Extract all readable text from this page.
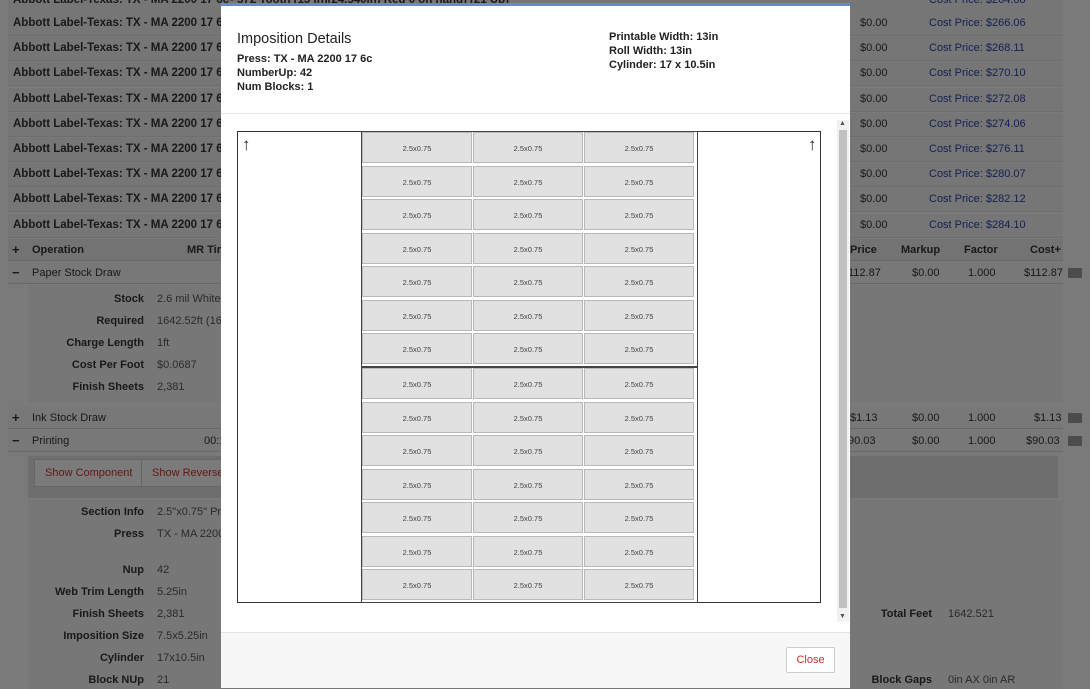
Imposition Details
Press: TX - MA 2200 17 6c
NumberUp: 42
Num Blocks: 1
Printable Width: 13in
Roll Width: 13in
Cylinder: 17 x 10.5in
↑	↑
2.5x0.75	2.5x0.75	2.5x0.75
2.5x0.75	2.5x0.75	2.5x0.75
2.5x0.75	2.5x0.75	2.5x0.75
2.5x0.75	2.5x0.75	2.5x0.75
2.5x0.75	2.5x0.75	2.5x0.75
2.5x0.75	2.5x0.75	2.5x0.75
2.5x0.75	2.5x0.75	2.5x0.75
2.5x0.75	2.5x0.75	2.5x0.75
2.5x0.75	2.5x0.75	2.5x0.75
2.5x0.75	2.5x0.75	2.5x0.75
2.5x0.75	2.5x0.75	2.5x0.75
2.5x0.75	2.5x0.75	2.5x0.75
2.5x0.75	2.5x0.75	2.5x0.75
2.5x0.75	2.5x0.75	2.5x0.75
▲
▼
Close
